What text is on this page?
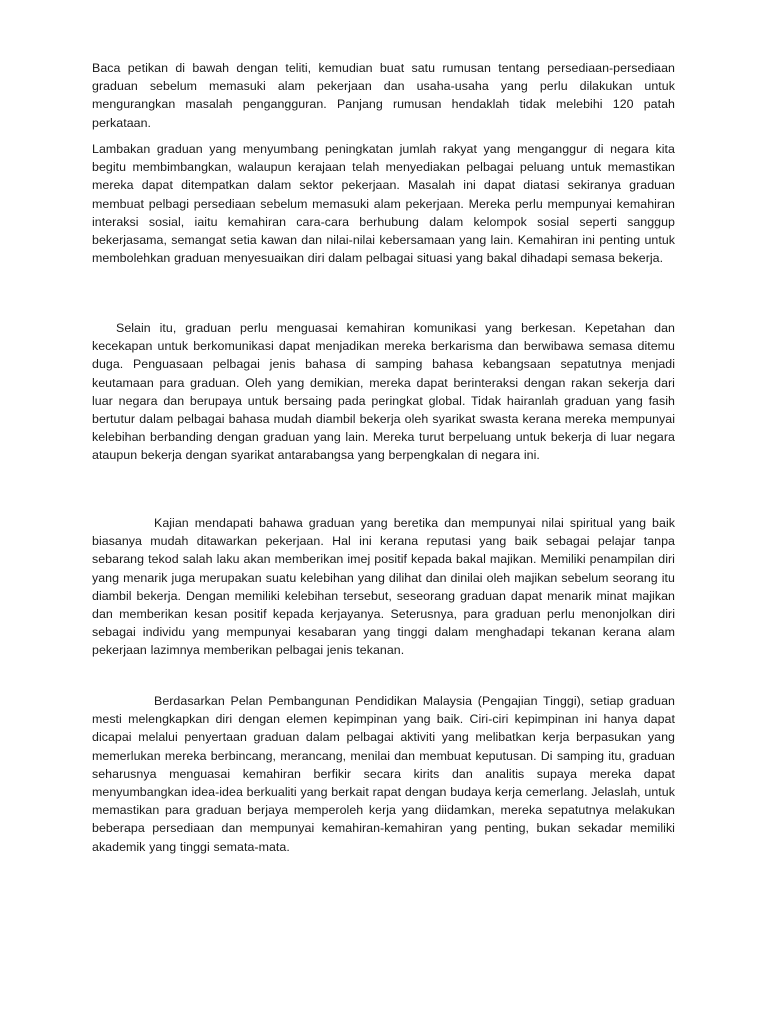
Baca petikan di bawah dengan teliti, kemudian buat satu rumusan tentang persediaan-persediaan graduan sebelum memasuki alam pekerjaan dan usaha-usaha yang perlu dilakukan untuk mengurangkan masalah pengangguran. Panjang rumusan hendaklah tidak melebihi 120 patah perkataan.

Lambakan graduan yang menyumbang peningkatan jumlah rakyat yang menganggur di negara kita begitu membimbangkan, walaupun kerajaan telah menyediakan pelbagai peluang untuk memastikan mereka dapat ditempatkan dalam sektor pekerjaan. Masalah ini dapat diatasi sekiranya graduan membuat pelbagi persediaan sebelum memasuki alam pekerjaan. Mereka perlu mempunyai kemahiran interaksi sosial, iaitu kemahiran cara-cara berhubung dalam kelompok sosial seperti sanggup bekerjasama, semangat setia kawan dan nilai-nilai kebersamaan yang lain. Kemahiran ini penting untuk membolehkan graduan menyesuaikan diri dalam pelbagai situasi yang bakal dihadapi semasa bekerja.

Selain itu, graduan perlu menguasai kemahiran komunikasi yang berkesan. Kepetahan dan kecekapan untuk berkomunikasi dapat menjadikan mereka berkarisma dan berwibawa semasa ditemu duga. Penguasaan pelbagai jenis bahasa di samping bahasa kebangsaan sepatutnya menjadi keutamaan para graduan. Oleh yang demikian, mereka dapat berinteraksi dengan rakan sekerja dari luar negara dan berupaya untuk bersaing pada peringkat global. Tidak hairanlah graduan yang fasih bertutur dalam pelbagai bahasa mudah diambil bekerja oleh syarikat swasta kerana mereka mempunyai kelebihan berbanding dengan graduan yang lain. Mereka turut berpeluang untuk bekerja di luar negara ataupun bekerja dengan syarikat antarabangsa yang berpengkalan di negara ini.

Kajian mendapati bahawa graduan yang beretika dan mempunyai nilai spiritual yang baik biasanya mudah ditawarkan pekerjaan. Hal ini kerana reputasi yang baik sebagai pelajar tanpa sebarang tekod salah laku akan memberikan imej positif kepada bakal majikan. Memiliki penampilan diri yang menarik juga merupakan suatu kelebihan yang dilihat dan dinilai oleh majikan sebelum seorang itu diambil bekerja. Dengan memiliki kelebihan tersebut, seseorang graduan dapat menarik minat majikan dan memberikan kesan positif kepada kerjayanya. Seterusnya, para graduan perlu menonjolkan diri sebagai individu yang mempunyai kesabaran yang tinggi dalam menghadapi tekanan kerana alam pekerjaan lazimnya memberikan pelbagai jenis tekanan.

Berdasarkan Pelan Pembangunan Pendidikan Malaysia (Pengajian Tinggi), setiap graduan mesti melengkapkan diri dengan elemen kepimpinan yang baik. Ciri-ciri kepimpinan ini hanya dapat dicapai melalui penyertaan graduan dalam pelbagai aktiviti yang melibatkan kerja berpasukan yang memerlukan mereka berbincang, merancang, menilai dan membuat keputusan. Di samping itu, graduan seharusnya menguasai kemahiran berfikir secara kirits dan analitis supaya mereka dapat menyumbangkan idea-idea berkualiti yang berkait rapat dengan budaya kerja cemerlang. Jelaslah, untuk memastikan para graduan berjaya memperoleh kerja yang diidamkan, mereka sepatutnya melakukan beberapa persediaan dan mempunyai kemahiran-kemahiran yang penting, bukan sekadar memiliki akademik yang tinggi semata-mata.
